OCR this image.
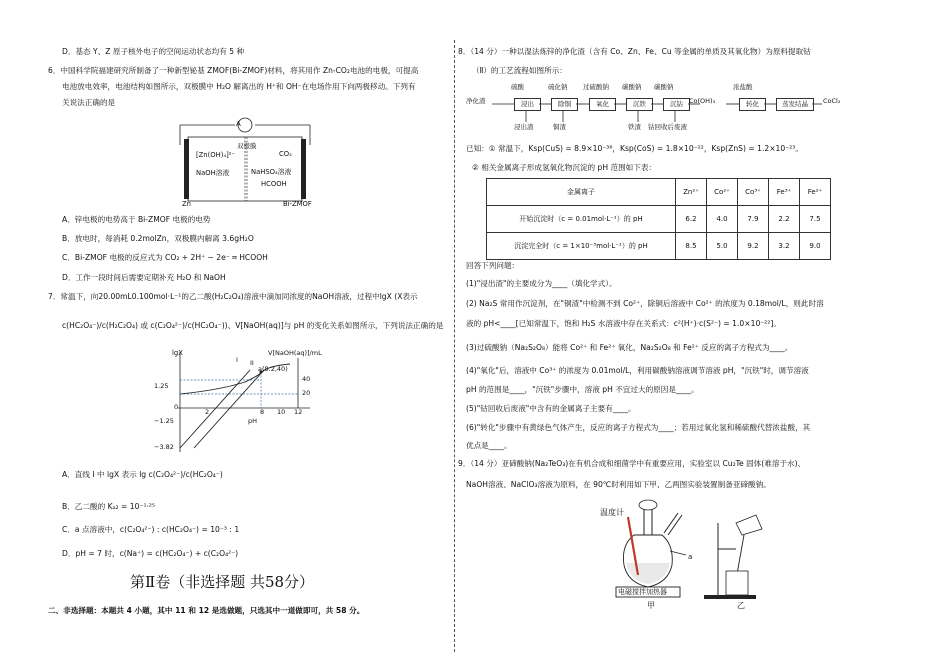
D．基态 Y、Z 原子核外电子的空间运动状态均有 5 种
6．中国科学院福建研究所制备了一种新型铋基 ZMOF(Bi-ZMOF)材料，将其用作 Zn-CO₂电池的电极，可提高
电池放电效率，电池结构如图所示，双极膜中 H₂O 解离出的 H⁺和 OH⁻在电场作用下向两极移动。下列有
关说法正确的是
A
双极膜
[Zn(OH)₄]²⁻
NaOH溶液
CO₂
NaHSO₄溶液
HCOOH
Zn	Bi-ZMOF
A．锌电极的电势高于 Bi-ZMOF 电极的电势
B．放电时，每消耗 0.2molZn，双极膜内解离 3.6gH₂O
C．Bi-ZMOF 电极的反应式为 CO₂ + 2H⁺ − 2e⁻ ═ HCOOH
D．工作一段时间后需要定期补充 H₂O 和 NaOH
7．常温下，向20.00mL0.100mol·L⁻¹的乙二酸(H₂C₂O₄)溶液中滴加同浓度的NaOH溶液，过程中lgX (X表示
c(HC₂O₄⁻)/c(H₂C₂O₄) 或 c(C₂O₄²⁻)/c(HC₂O₄⁻))、V[NaOH(aq)]与 pH 的变化关系如图所示，下列说法正确的是
lgX	V[NaOH(aq)]/mL
I II
a(8.2,40)
40
20
1.25
0
2	8 10 12
−1.25	pH
−3.82
A．直线 I 中 lgX 表示 lg c(C₂O₄²⁻)/c(HC₂O₄⁻)
B．乙二酸的 Kₐ₂ = 10⁻¹·²⁵
C．a 点溶液中，c(C₂O₄²⁻) : c(HC₂O₄⁻) = 10⁻³ : 1
D．pH = 7 时，c(Na⁺) = c(HC₂O₄⁻) + c(C₂O₄²⁻)
第Ⅱ卷（非选择题 共58分）
二、非选择题：本题共 4 小题，其中 11 和 12 是选做题，只选其中一道做即可，共 58 分。
8．（14 分）一种以湿法炼锌的净化渣（含有 Co、Zn、Fe、Cu 等金属的单质及其氧化物）为原料提取钴
（Ⅱ）的工艺流程如图所示：
硫酸	硫化钠 过硫酸钠 碳酸钠 碳酸钠	浓盐酸
净化渣	浸出	除铜	氧化	沉铁	沉钴 Co(OH)₃	转化	蒸发结晶	CoCl₂
浸出渣	铜渣	铁渣 钴回收后废液
已知：① 常温下，Ksp(CuS) = 8.9×10⁻³⁶，Ksp(CoS) = 1.8×10⁻²²，Ksp(ZnS) = 1.2×10⁻²³。
② 相关金属离子形成氢氧化物沉淀的 pH 范围如下表：
金属离子	Zn²⁺	Co²⁺	Co³⁺	Fe³⁺	Fe²⁺
开始沉淀时（c = 0.01mol·L⁻¹）的 pH	6.2	4.0	7.9	2.2	7.5
沉淀完全时（c = 1×10⁻⁵mol·L⁻¹）的 pH	8.5	5.0	9.2	3.2	9.0
回答下列问题：
(1)"浸出渣"的主要成分为____（填化学式）。
(2) Na₂S 常用作沉淀剂，在"铜渣"中检测不到 Co²⁺，除铜后溶液中 Co²⁺ 的浓度为 0.18mol/L，则此时溶
液的 pH<____[已知常温下，饱和 H₂S 水溶液中存在关系式：c²(H⁺)·c(S²⁻) = 1.0×10⁻²²]。
(3)过硫酸钠（Na₂S₂O₈）能将 Co²⁺ 和 Fe²⁺ 氧化，Na₂S₂O₈ 和 Fe²⁺ 反应的离子方程式为____。
(4)"氧化"后，溶液中 Co³⁺ 的浓度为 0.01mol/L，利用碳酸钠溶液调节溶液 pH，"沉铁"时，调节溶液
pH 的范围是____，"沉铁"步骤中，溶液 pH 不宜过大的原因是____。
(5)"钴回收后废液"中含有的金属离子主要有____。
(6)"转化"步骤中有黄绿色气体产生，反应的离子方程式为____；若用过氧化氢和稀硫酸代替浓盐酸，其
优点是____。
9．（14 分）亚碲酸钠(Na₂TeO₃)在有机合成和细菌学中有重要应用，实验室以 Cu₂Te 固体(难溶于水)、
NaOH溶液、NaClO₃溶液为原料，在 90℃时利用如下甲、乙两图实验装置制备亚碲酸钠。
温度计
a
电磁搅拌加热器
甲	乙
